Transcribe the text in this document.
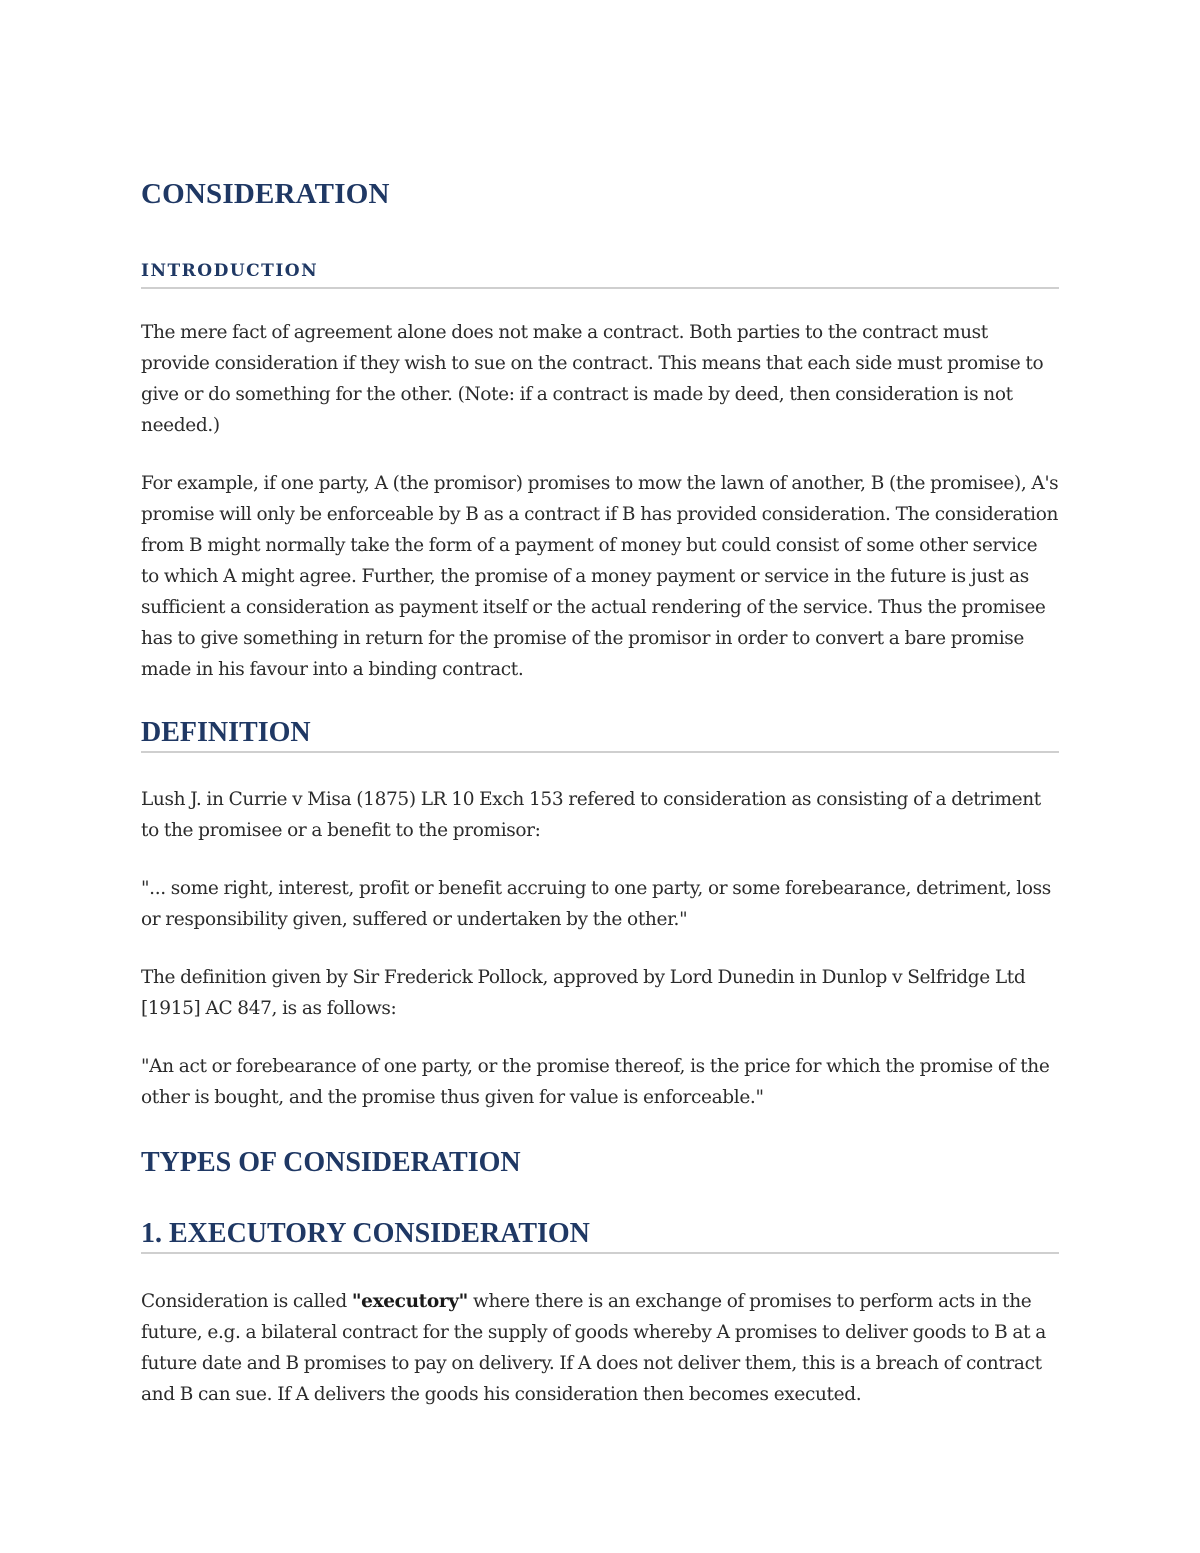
CONSIDERATION
INTRODUCTION

The mere fact of agreement alone does not make a contract. Both parties to the contract must provide consideration if they wish to sue on the contract. This means that each side must promise to give or do something for the other. (Note: if a contract is made by deed, then consideration is not needed.)

For example, if one party, A (the promisor) promises to mow the lawn of another, B (the promisee), A's promise will only be enforceable by B as a contract if B has provided consideration. The consideration from B might normally take the form of a payment of money but could consist of some other service to which A might agree. Further, the promise of a money payment or service in the future is just as sufficient a consideration as payment itself or the actual rendering of the service. Thus the promisee has to give something in return for the promise of the promisor in order to convert a bare promise made in his favour into a binding contract.

DEFINITION

Lush J. in Currie v Misa (1875) LR 10 Exch 153 refered to consideration as consisting of a detriment to the promisee or a benefit to the promisor:

"... some right, interest, profit or benefit accruing to one party, or some forebearance, detriment, loss or responsibility given, suffered or undertaken by the other."

The definition given by Sir Frederick Pollock, approved by Lord Dunedin in Dunlop v Selfridge Ltd [1915] AC 847, is as follows:

"An act or forebearance of one party, or the promise thereof, is the price for which the promise of the other is bought, and the promise thus given for value is enforceable."

TYPES OF CONSIDERATION
1. EXECUTORY CONSIDERATION

Consideration is called "executory" where there is an exchange of promises to perform acts in the future, e.g. a bilateral contract for the supply of goods whereby A promises to deliver goods to B at a future date and B promises to pay on delivery. If A does not deliver them, this is a breach of contract and B can sue. If A delivers the goods his consideration then becomes executed.
